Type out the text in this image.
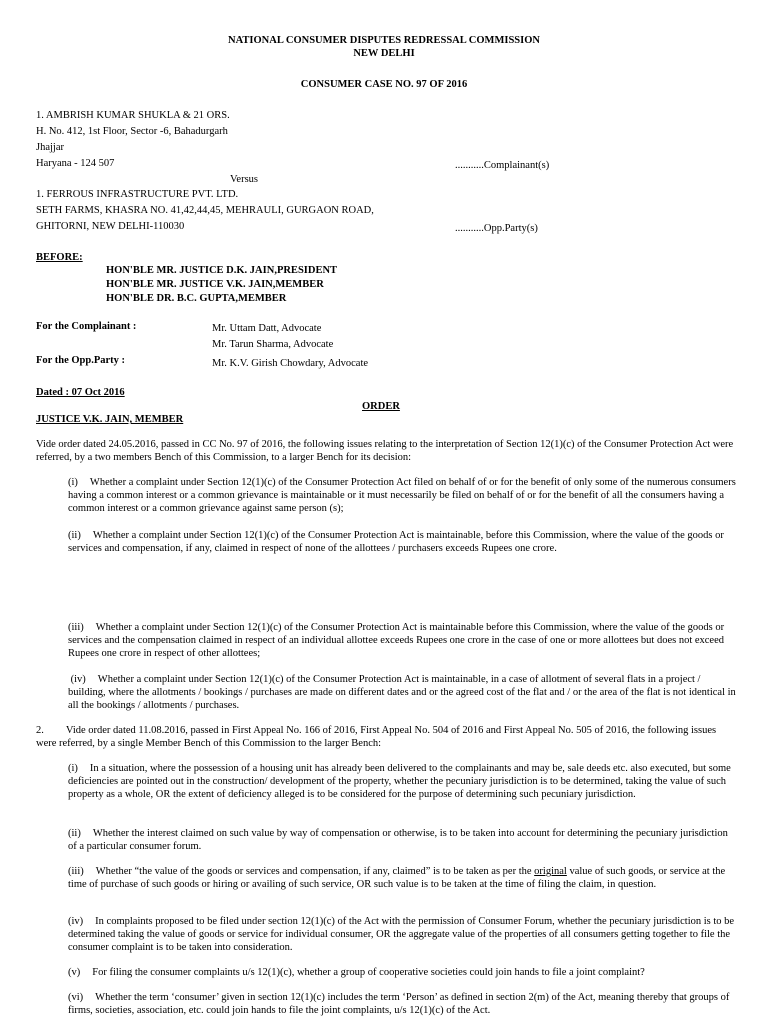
NATIONAL CONSUMER DISPUTES REDRESSAL COMMISSION
NEW DELHI
CONSUMER CASE NO. 97 OF 2016
1. AMBRISH KUMAR SHUKLA & 21 ORS.
H. No. 412, 1st Floor, Sector -6, Bahadurgarh
Jhajjar
Haryana - 124 507	...........Complainant(s)
Versus
1. FERROUS INFRASTRUCTURE PVT. LTD.
SETH FARMS, KHASRA NO. 41,42,44,45, MEHRAULI, GURGAON ROAD,
GHITORNI, NEW DELHI-110030	...........Opp.Party(s)
BEFORE:
HON'BLE MR. JUSTICE D.K. JAIN,PRESIDENT
HON'BLE MR. JUSTICE V.K. JAIN,MEMBER
HON'BLE DR. B.C. GUPTA,MEMBER
For the Complainant :	Mr. Uttam Datt, Advocate
Mr. Tarun Sharma, Advocate
For the Opp.Party :	Mr. K.V. Girish Chowdary, Advocate
Dated : 07 Oct 2016
ORDER
JUSTICE V.K. JAIN, MEMBER
Vide order dated 24.05.2016, passed in CC No. 97 of 2016, the following issues relating to the interpretation of Section 12(1)(c) of the Consumer Protection Act were referred, by a two members Bench of this Commission, to a larger Bench for its decision:
(i) Whether a complaint under Section 12(1)(c) of the Consumer Protection Act filed on behalf of or for the benefit of only some of the numerous consumers having a common interest or a common grievance is maintainable or it must necessarily be filed on behalf of or for the benefit of all the consumers having a common interest or a common grievance against same person (s);
(ii) Whether a complaint under Section 12(1)(c) of the Consumer Protection Act is maintainable, before this Commission, where the value of the goods or services and compensation, if any, claimed in respect of none of the allottees / purchasers exceeds Rupees one crore.
(iii) Whether a complaint under Section 12(1)(c) of the Consumer Protection Act is maintainable before this Commission, where the value of the goods or services and the compensation claimed in respect of an individual allottee exceeds Rupees one crore in the case of one or more allottees but does not exceed Rupees one crore in respect of other allottees;
(iv) Whether a complaint under Section 12(1)(c) of the Consumer Protection Act is maintainable, in a case of allotment of several flats in a project / building, where the allotments / bookings / purchases are made on different dates and or the agreed cost of the flat and / or the area of the flat is not identical in all the bookings / allotments / purchases.
2. Vide order dated 11.08.2016, passed in First Appeal No. 166 of 2016, First Appeal No. 504 of 2016 and First Appeal No. 505 of 2016, the following issues were referred, by a single Member Bench of this Commission to the larger Bench:
(i) In a situation, where the possession of a housing unit has already been delivered to the complainants and may be, sale deeds etc. also executed, but some deficiencies are pointed out in the construction/ development of the property, whether the pecuniary jurisdiction is to be determined, taking the value of such property as a whole, OR the extent of deficiency alleged is to be considered for the purpose of determining such pecuniary jurisdiction.
(ii) Whether the interest claimed on such value by way of compensation or otherwise, is to be taken into account for determining the pecuniary jurisdiction of a particular consumer forum.
(iii) Whether “the value of the goods or services and compensation, if any, claimed” is to be taken as per the original value of such goods, or service at the time of purchase of such goods or hiring or availing of such service, OR such value is to be taken at the time of filing the claim, in question.
(iv) In complaints proposed to be filed under section 12(1)(c) of the Act with the permission of Consumer Forum, whether the pecuniary jurisdiction is to be determined taking the value of goods or service for individual consumer, OR the aggregate value of the properties of all consumers getting together to file the consumer complaint is to be taken into consideration.
(v) For filing the consumer complaints u/s 12(1)(c), whether a group of cooperative societies could join hands to file a joint complaint?
(vi) Whether the term ‘consumer’ given in section 12(1)(c) includes the term ‘Person’ as defined in section 2(m) of the Act, meaning thereby that groups of firms, societies, association, etc. could join hands to file the joint complaints, u/s 12(1)(c) of the Act.
